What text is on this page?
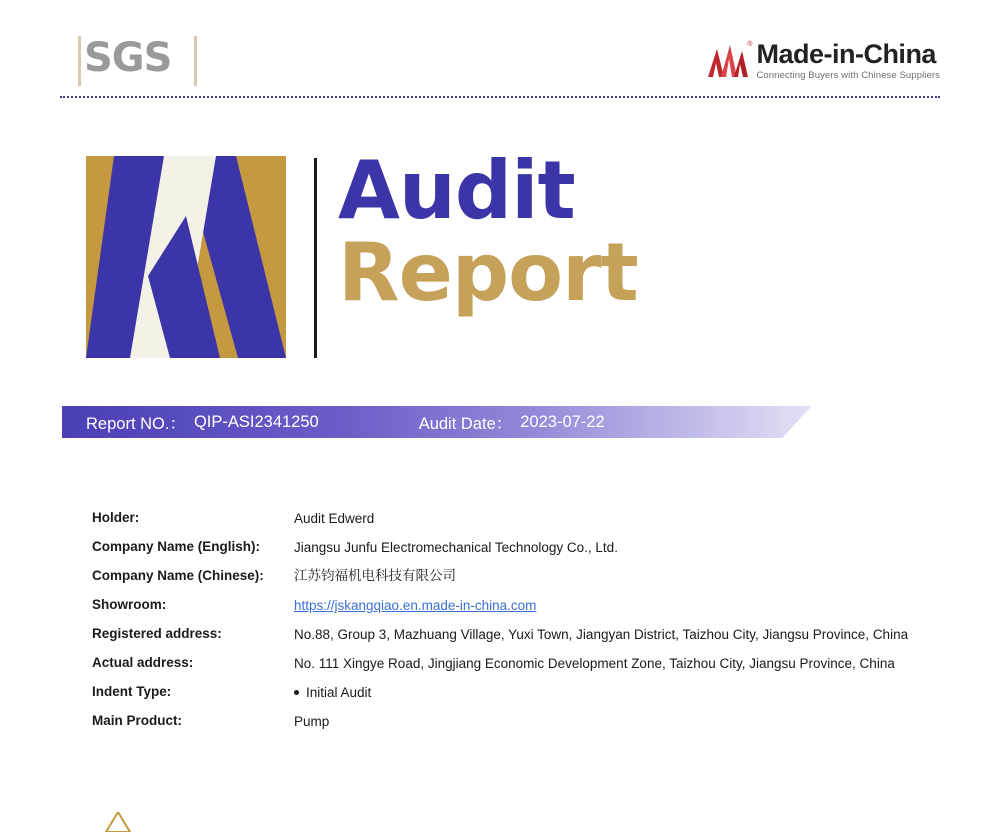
SGS	® Made-in-China
Connecting Buyers with Chinese Suppliers
Audit
Report
Report NO.： QIP-ASI2341250	Audit Date： 2023-07-22
Holder:	Audit Edwerd
Company Name (English):	Jiangsu Junfu Electromechanical Technology Co., Ltd.
Company Name (Chinese):	江苏钧福机电科技有限公司
Showroom:	https://jskangqiao.en.made-in-china.com
Registered address:	No.88, Group 3, Mazhuang Village, Yuxi Town, Jiangyan District, Taizhou City, Jiangsu Province, China
Actual address:	No. 111 Xingye Road, Jingjiang Economic Development Zone, Taizhou City, Jiangsu Province, China
Indent Type:	Initial Audit
Main Product:	Pump
